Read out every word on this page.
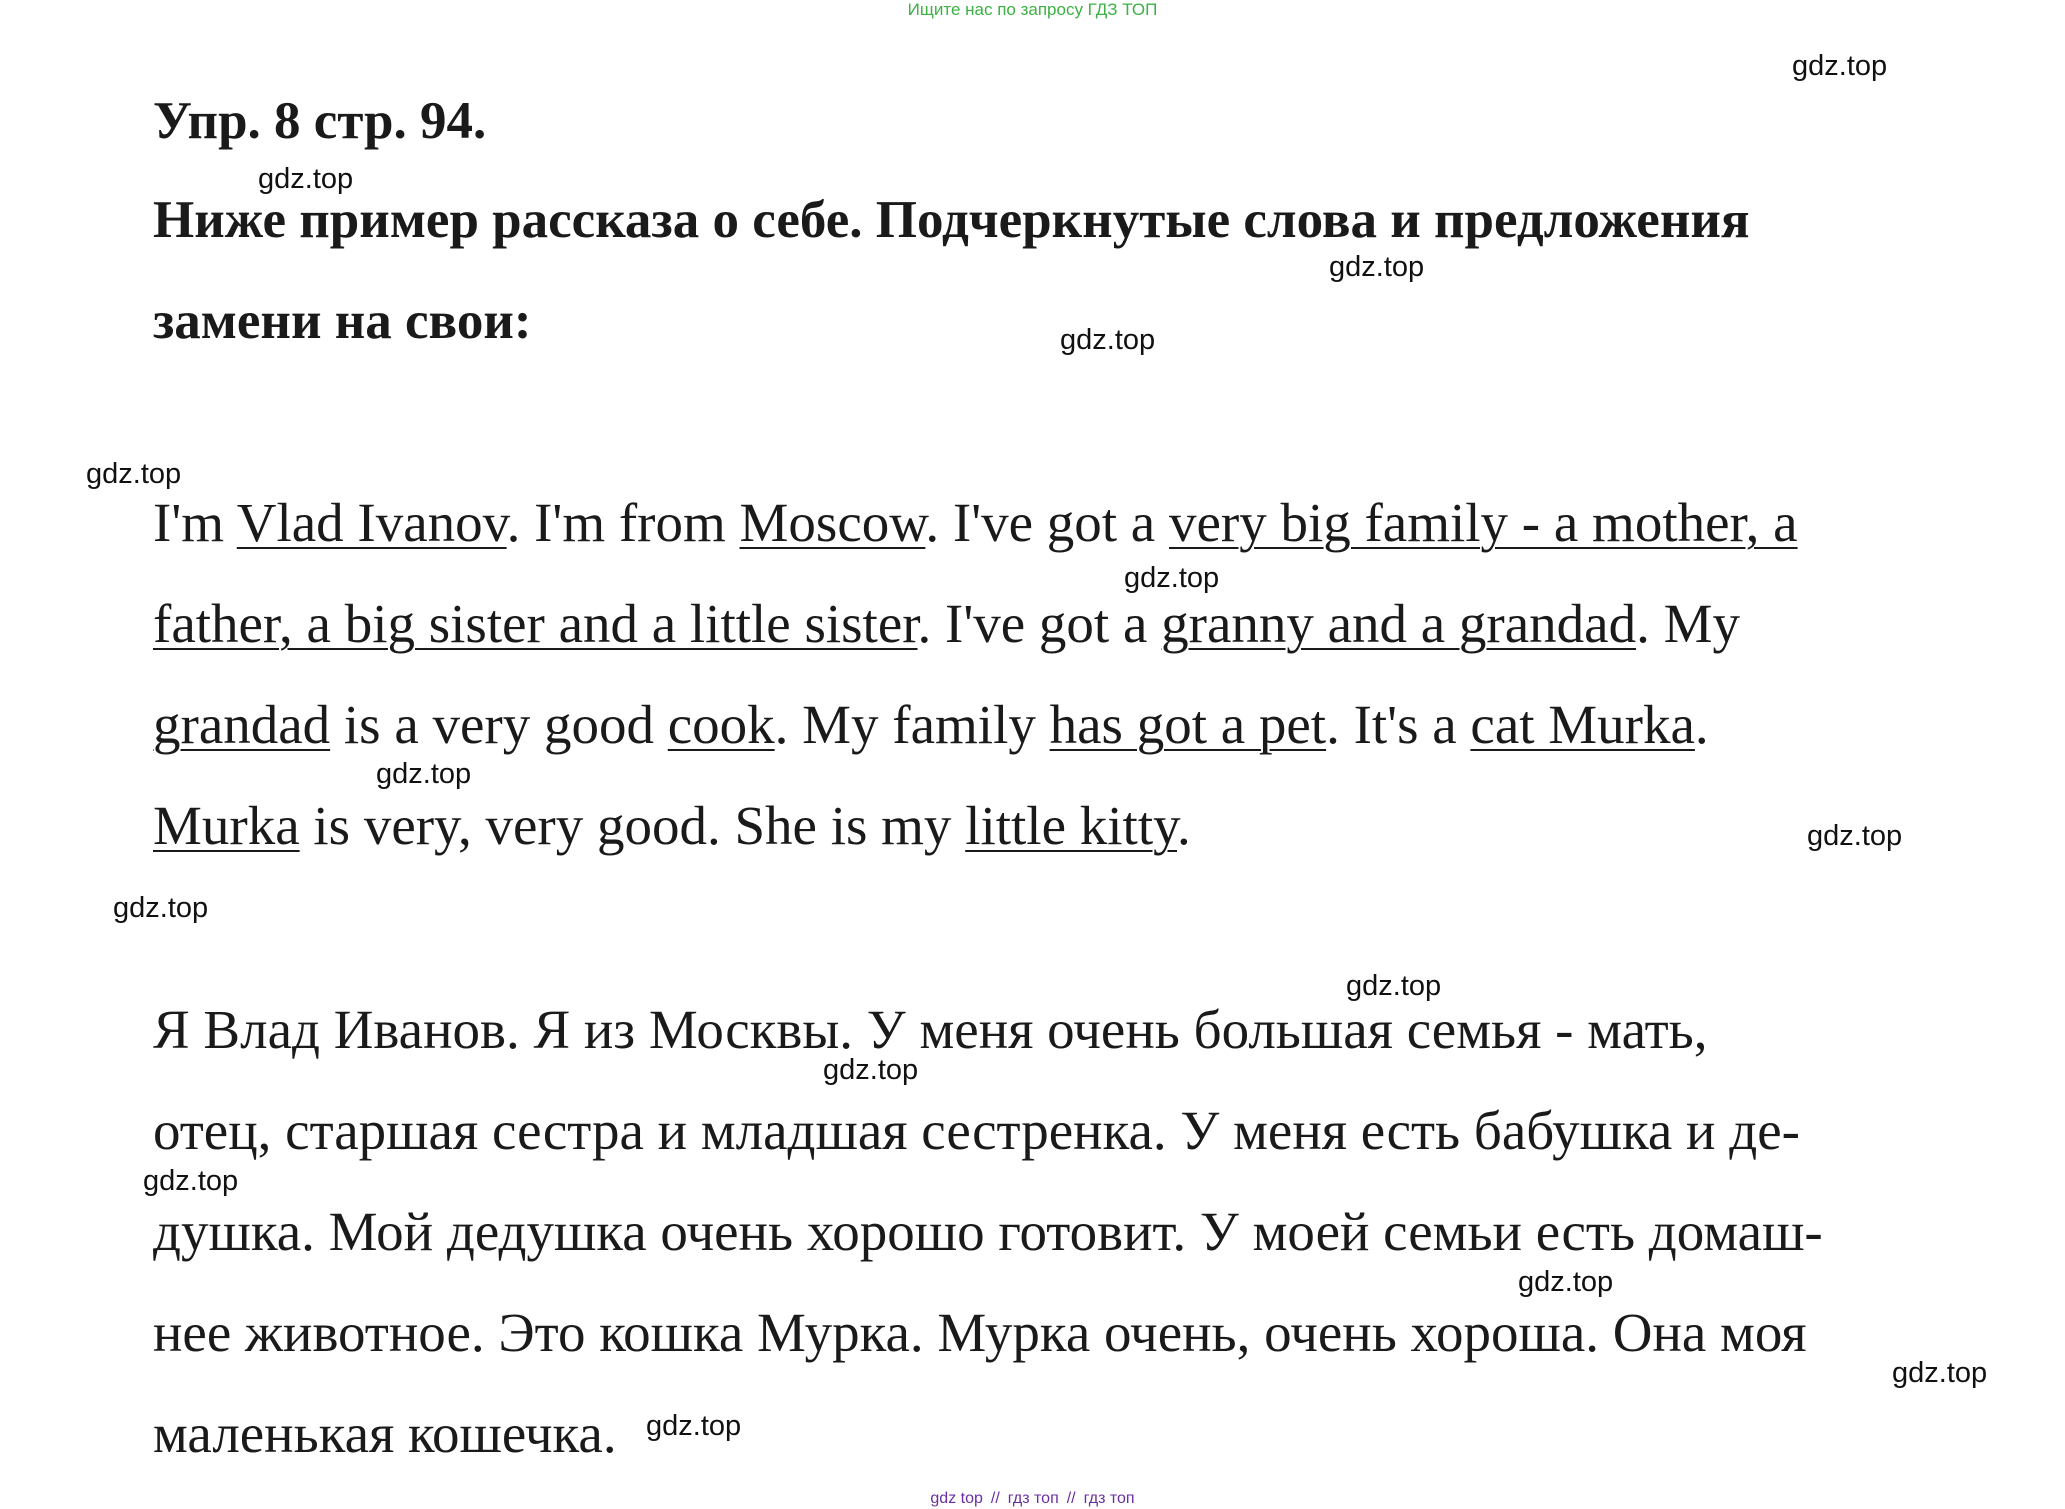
Ищите нас по запросу ГДЗ ТОП
Упр. 8 стр. 94.
Ниже пример рассказа о себе. Подчеркнутые слова и предложения
замени на свои:
I'm Vlad Ivanov. I'm from Moscow. I've got a very big family - a mother, a
father, a big sister and a little sister. I've got a granny and a grandad. My
grandad is a very good cook. My family has got a pet. It's a cat Murka.
Murka is very, very good. She is my little kitty.
Я Влад Иванов. Я из Москвы. У меня очень большая семья - мать,
отец, старшая сестра и младшая сестренка. У меня есть бабушка и де-
душка. Мой дедушка очень хорошо готовит. У моей семьи есть домаш-
нее животное. Это кошка Мурка. Мурка очень, очень хороша. Она моя
маленькая кошечка.
gdz.top
gdz.top
gdz.top
gdz.top
gdz.top
gdz.top
gdz.top
gdz.top
gdz.top
gdz.top
gdz.top
gdz.top
gdz.top
gdz.top
gdz.top
gdz top // гдз топ // гдз топ
